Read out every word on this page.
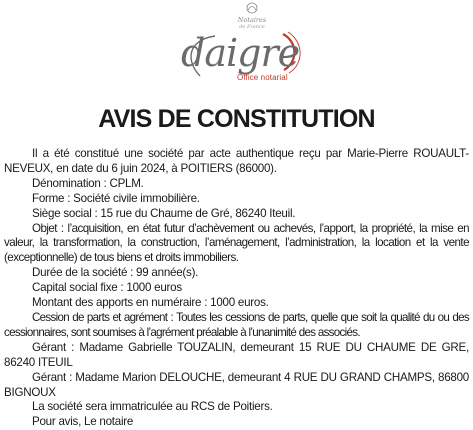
Notaires
de France
daigre
Office notarial
AVIS DE CONSTITUTION

Il a été constitué une société par acte authentique reçu par Marie-Pierre ROUAULT-NEVEUX, en date du 6 juin 2024, à POITIERS (86000).

Dénomination : CPLM.

Forme : Société civile immobilière.

Siège social : 15 rue du Chaume de Gré, 86240 Iteuil.

Objet : l’acquisition, en état futur d’achèvement ou achevés, l’apport, la propriété, la mise en valeur, la transformation, la construction, l’aménagement, l’administration, la location et la vente (exceptionnelle) de tous biens et droits immobiliers.

Durée de la société : 99 année(s).

Capital social fixe : 1000 euros

Montant des apports en numéraire : 1000 euros.

Cession de parts et agrément : Toutes les cessions de parts, quelle que soit la qualité du ou des cessionnaires, sont soumises à l’agrément préalable à l’unanimité des associés.

Gérant : Madame Gabrielle TOUZALIN, demeurant 15 RUE DU CHAUME DE GRE, 86240 ITEUIL

Gérant : Madame Marion DELOUCHE, demeurant 4 RUE DU GRAND CHAMPS, 86800 BIGNOUX

La société sera immatriculée au RCS de Poitiers.

Pour avis, Le notaire
